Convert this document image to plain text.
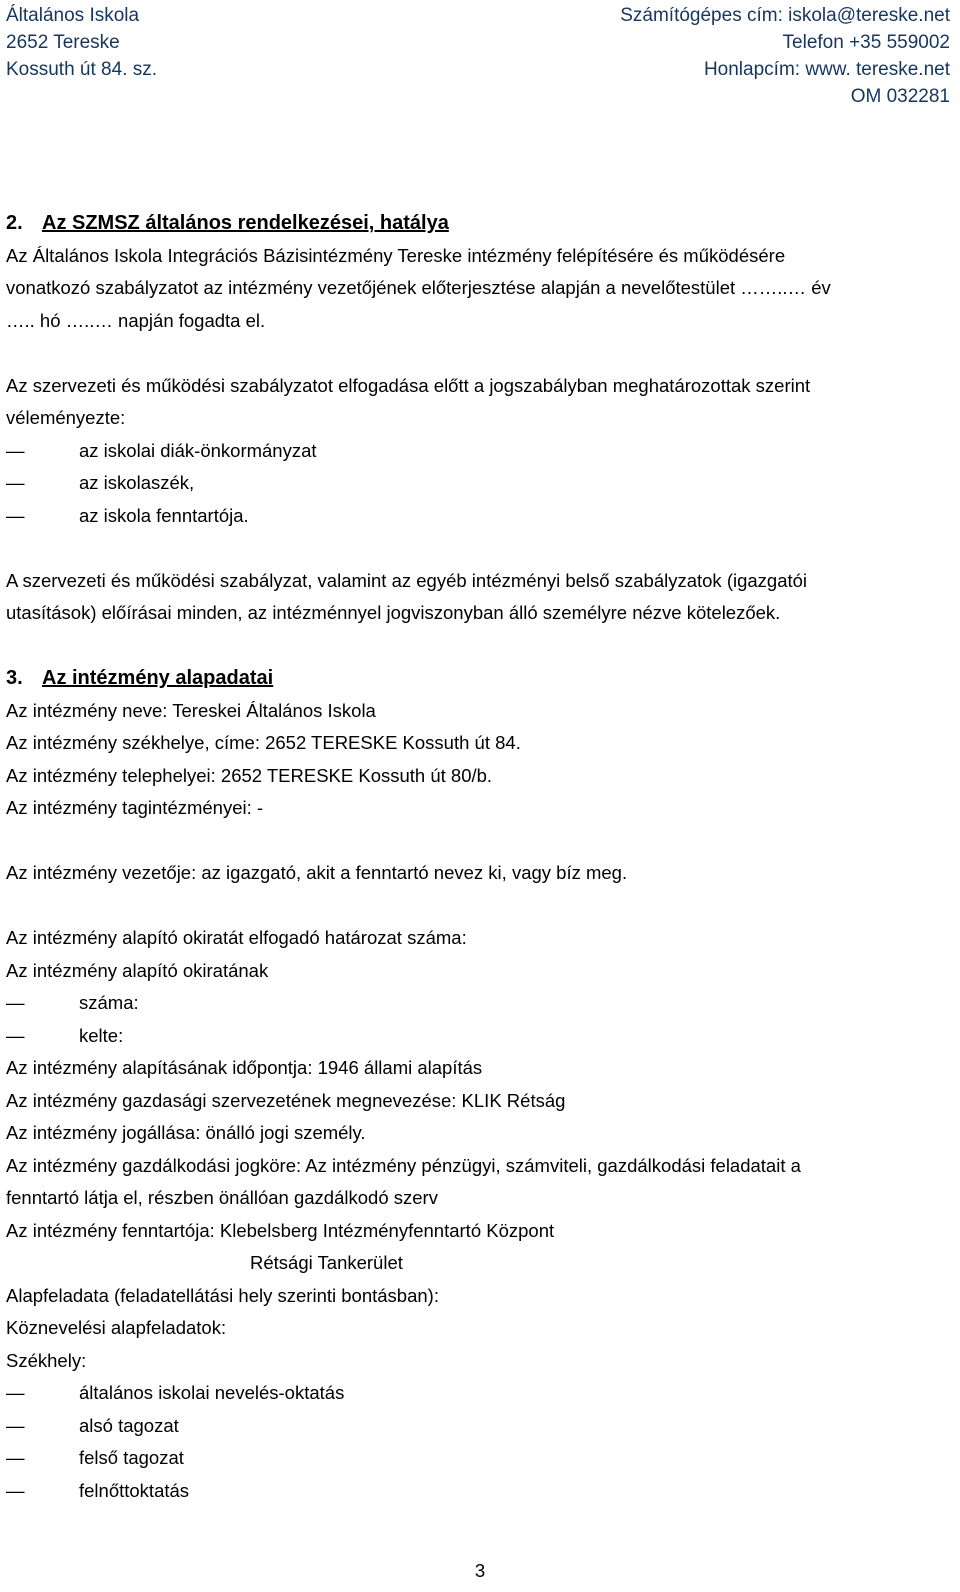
Általános Iskola
2652 Tereske
Kossuth út 84. sz.
Számítógépes cím: iskola@tereske.net
Telefon +35 559002
Honlapcím: www. tereske.net
OM 032281
2. Az SZMSZ általános rendelkezései, hatálya
Az Általános Iskola Integrációs Bázisintézmény Tereske intézmény felépítésére és működésére
vonatkozó szabályzatot az intézmény vezetőjének előterjesztése alapján a nevelőtestület ……..… év
….. hó …..… napján fogadta el.
Az szervezeti és működési szabályzatot elfogadása előtt a jogszabályban meghatározottak szerint
véleményezte:
—	az iskolai diák-önkormányzat
—	az iskolaszék,
—	az iskola fenntartója.
A szervezeti és működési szabályzat, valamint az egyéb intézményi belső szabályzatok (igazgatói
utasítások) előírásai minden, az intézménnyel jogviszonyban álló személyre nézve kötelezőek.
3. Az intézmény alapadatai
Az intézmény neve: Tereskei Általános Iskola
Az intézmény székhelye, címe: 2652 TERESKE Kossuth út 84.
Az intézmény telephelyei: 2652 TERESKE Kossuth út 80/b.
Az intézmény tagintézményei: -
Az intézmény vezetője: az igazgató, akit a fenntartó nevez ki, vagy bíz meg.
Az intézmény alapító okiratát elfogadó határozat száma:
Az intézmény alapító okiratának
—	száma:
—	kelte:
Az intézmény alapításának időpontja: 1946 állami alapítás
Az intézmény gazdasági szervezetének megnevezése: KLIK Rétság
Az intézmény jogállása: önálló jogi személy.
Az intézmény gazdálkodási jogköre: Az intézmény pénzügyi, számviteli, gazdálkodási feladatait a
fenntartó látja el, részben önállóan gazdálkodó szerv
Az intézmény fenntartója: Klebelsberg Intézményfenntartó Központ
Rétsági Tankerület
Alapfeladata (feladatellátási hely szerinti bontásban):
Köznevelési alapfeladatok:
Székhely:
—	általános iskolai nevelés-oktatás
—	alsó tagozat
—	felső tagozat
—	felnőttoktatás
3
